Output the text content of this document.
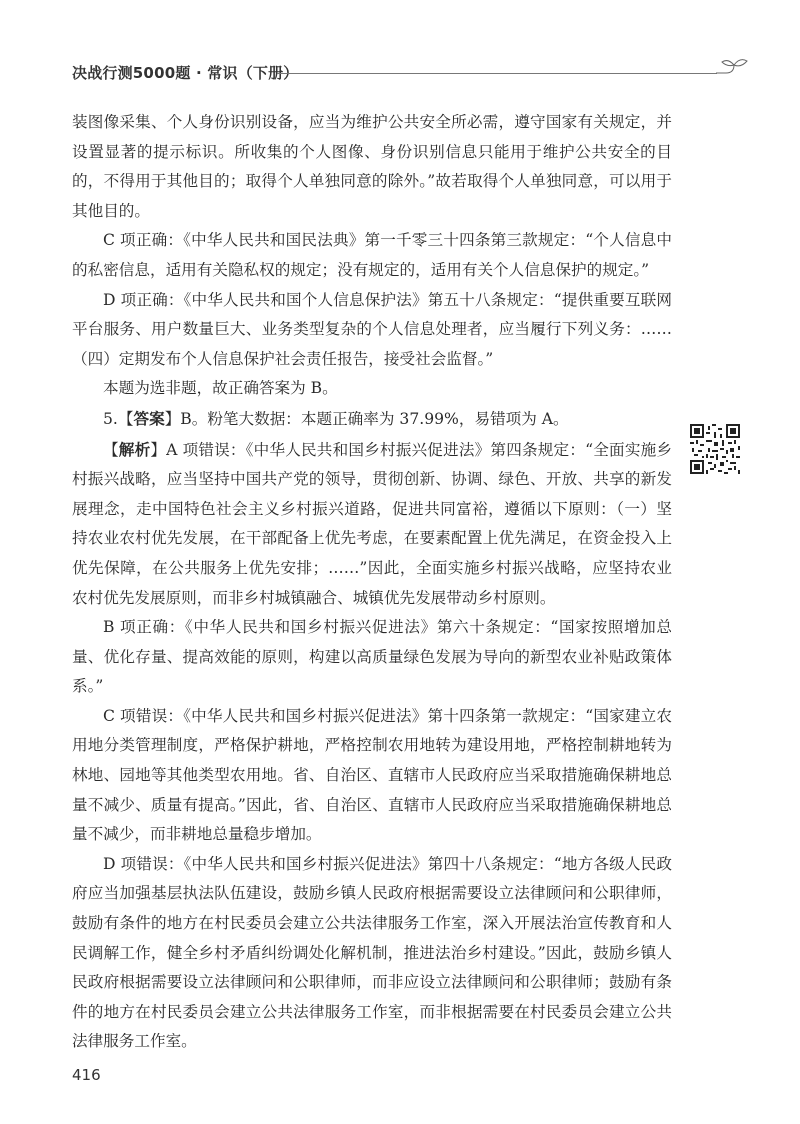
决战行测5000题 · 常识（下册）

装图像采集、个人身份识别设备，应当为维护公共安全所必需，遵守国家有关规定，并设置显著的提示标识。所收集的个人图像、身份识别信息只能用于维护公共安全的目的，不得用于其他目的；取得个人单独同意的除外。”故若取得个人单独同意，可以用于其他目的。

C 项正确：《中华人民共和国民法典》第一千零三十四条第三款规定：“个人信息中的私密信息，适用有关隐私权的规定；没有规定的，适用有关个人信息保护的规定。”

D 项正确：《中华人民共和国个人信息保护法》第五十八条规定：“提供重要互联网平台服务、用户数量巨大、业务类型复杂的个人信息处理者，应当履行下列义务：……（四）定期发布个人信息保护社会责任报告，接受社会监督。”

本题为选非题，故正确答案为 B。

5.【答案】B。粉笔大数据：本题正确率为 37.99%，易错项为 A。

【解析】A 项错误：《中华人民共和国乡村振兴促进法》第四条规定：“全面实施乡村振兴战略，应当坚持中国共产党的领导，贯彻创新、协调、绿色、开放、共享的新发展理念，走中国特色社会主义乡村振兴道路，促进共同富裕，遵循以下原则：（一）坚持农业农村优先发展，在干部配备上优先考虑，在要素配置上优先满足，在资金投入上优先保障，在公共服务上优先安排；……”因此，全面实施乡村振兴战略，应坚持农业农村优先发展原则，而非乡村城镇融合、城镇优先发展带动乡村原则。

B 项正确：《中华人民共和国乡村振兴促进法》第六十条规定：“国家按照增加总量、优化存量、提高效能的原则，构建以高质量绿色发展为导向的新型农业补贴政策体系。”

C 项错误：《中华人民共和国乡村振兴促进法》第十四条第一款规定：“国家建立农用地分类管理制度，严格保护耕地，严格控制农用地转为建设用地，严格控制耕地转为林地、园地等其他类型农用地。省、自治区、直辖市人民政府应当采取措施确保耕地总量不减少、质量有提高。”因此，省、自治区、直辖市人民政府应当采取措施确保耕地总量不减少，而非耕地总量稳步增加。

D 项错误：《中华人民共和国乡村振兴促进法》第四十八条规定：“地方各级人民政府应当加强基层执法队伍建设，鼓励乡镇人民政府根据需要设立法律顾问和公职律师，鼓励有条件的地方在村民委员会建立公共法律服务工作室，深入开展法治宣传教育和人民调解工作，健全乡村矛盾纠纷调处化解机制，推进法治乡村建设。”因此，鼓励乡镇人民政府根据需要设立法律顾问和公职律师，而非应设立法律顾问和公职律师；鼓励有条件的地方在村民委员会建立公共法律服务工作室，而非根据需要在村民委员会建立公共法律服务工作室。

416
